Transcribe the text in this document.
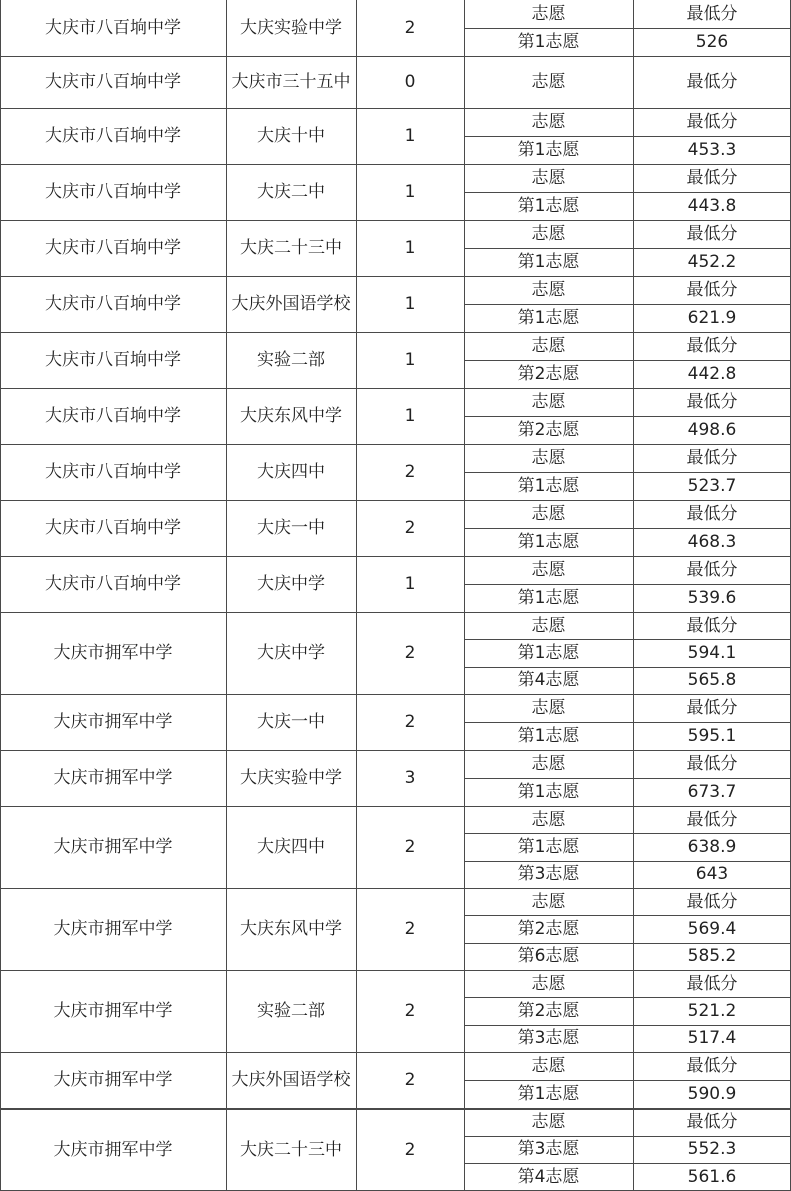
大庆市八百垧中学	大庆实验中学	2
志愿	最低分
第1志愿	526
大庆市八百垧中学	大庆市三十五中	0	志愿	最低分
大庆市八百垧中学	大庆十中	1
志愿	最低分
第1志愿	453.3
大庆市八百垧中学	大庆二中	1
志愿	最低分
第1志愿	443.8
大庆市八百垧中学	大庆二十三中	1
志愿	最低分
第1志愿	452.2
大庆市八百垧中学	大庆外国语学校	1
志愿	最低分
第1志愿	621.9
大庆市八百垧中学	实验二部	1
志愿	最低分
第2志愿	442.8
大庆市八百垧中学	大庆东风中学	1
志愿	最低分
第2志愿	498.6
大庆市八百垧中学	大庆四中	2
志愿	最低分
第1志愿	523.7
大庆市八百垧中学	大庆一中	2
志愿	最低分
第1志愿	468.3
大庆市八百垧中学	大庆中学	1
志愿	最低分
第1志愿	539.6
大庆市拥军中学	大庆中学	2
志愿	最低分
第1志愿	594.1
第4志愿	565.8
大庆市拥军中学	大庆一中	2
志愿	最低分
第1志愿	595.1
大庆市拥军中学	大庆实验中学	3
志愿	最低分
第1志愿	673.7
大庆市拥军中学	大庆四中	2
志愿	最低分
第1志愿	638.9
第3志愿	643
大庆市拥军中学	大庆东风中学	2
志愿	最低分
第2志愿	569.4
第6志愿	585.2
大庆市拥军中学	实验二部	2
志愿	最低分
第2志愿	521.2
第3志愿	517.4
大庆市拥军中学	大庆外国语学校	2
志愿	最低分
第1志愿	590.9
大庆市拥军中学	大庆二十三中	2
志愿	最低分
第3志愿	552.3
第4志愿	561.6
